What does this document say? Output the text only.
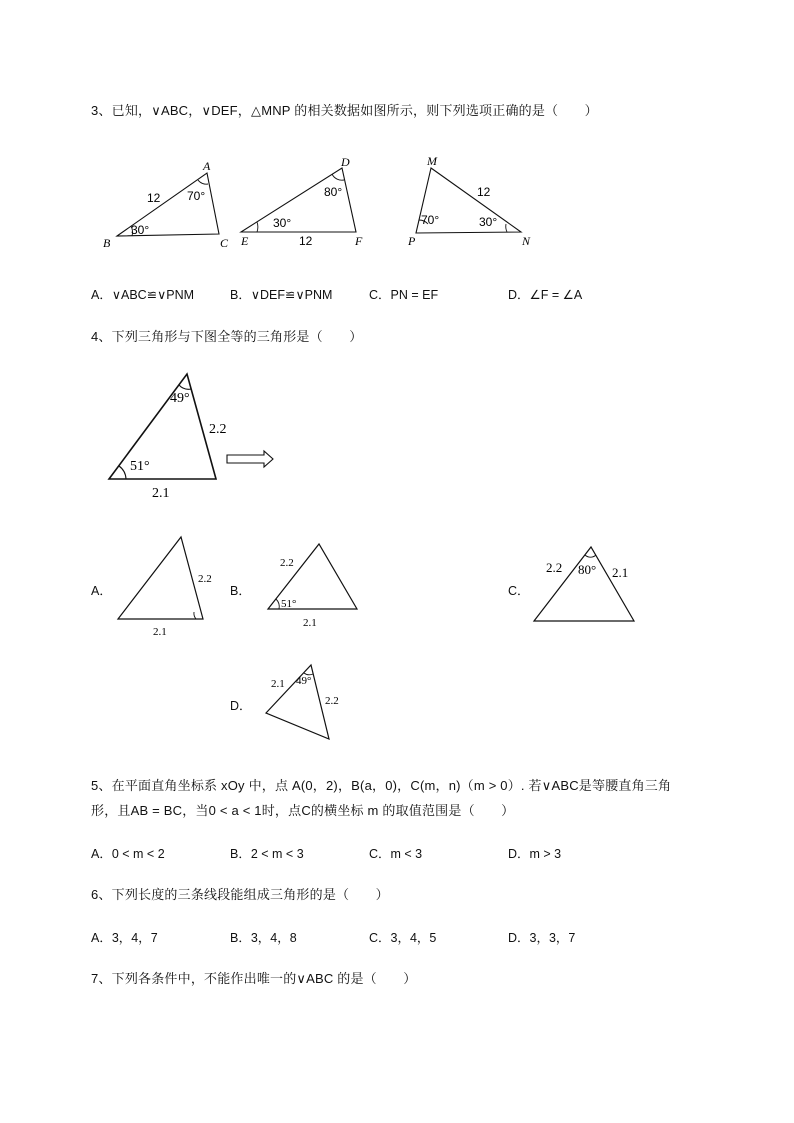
3、已知，∨ABC，∨DEF，△MNP 的相关数据如图所示，则下列选项正确的是（　　）
A
B	C
12 70°
30°
D
E	F
80°
30°
12
M
P	N
12
70°	30°
A．∨ABC≌∨PNM	B．∨DEF≌∨PNM	C．PN = EF	D．∠F = ∠A
4、下列三角形与下图全等的三角形是（　　）
49°
51°
2.2
2.1
A．
2.2
2.1
B．
2.2
51°
2.1
C．
2.2 80° 2.1
D．
2.1 49°
2.2
5、在平面直角坐标系 xOy 中，点 A(0，2)，B(a，0)，C(m，n)（m > 0）. 若∨ABC是等腰直角三角
形，且AB = BC，当0 < a < 1时，点C的横坐标 m 的取值范围是（　　）
A．0 < m < 2	B．2 < m < 3	C．m < 3	D．m > 3
6、下列长度的三条线段能组成三角形的是（　　）
A．3，4，7	B．3，4，8	C．3，4，5	D．3，3，7
7、下列各条件中，不能作出唯一的∨ABC 的是（　　）
